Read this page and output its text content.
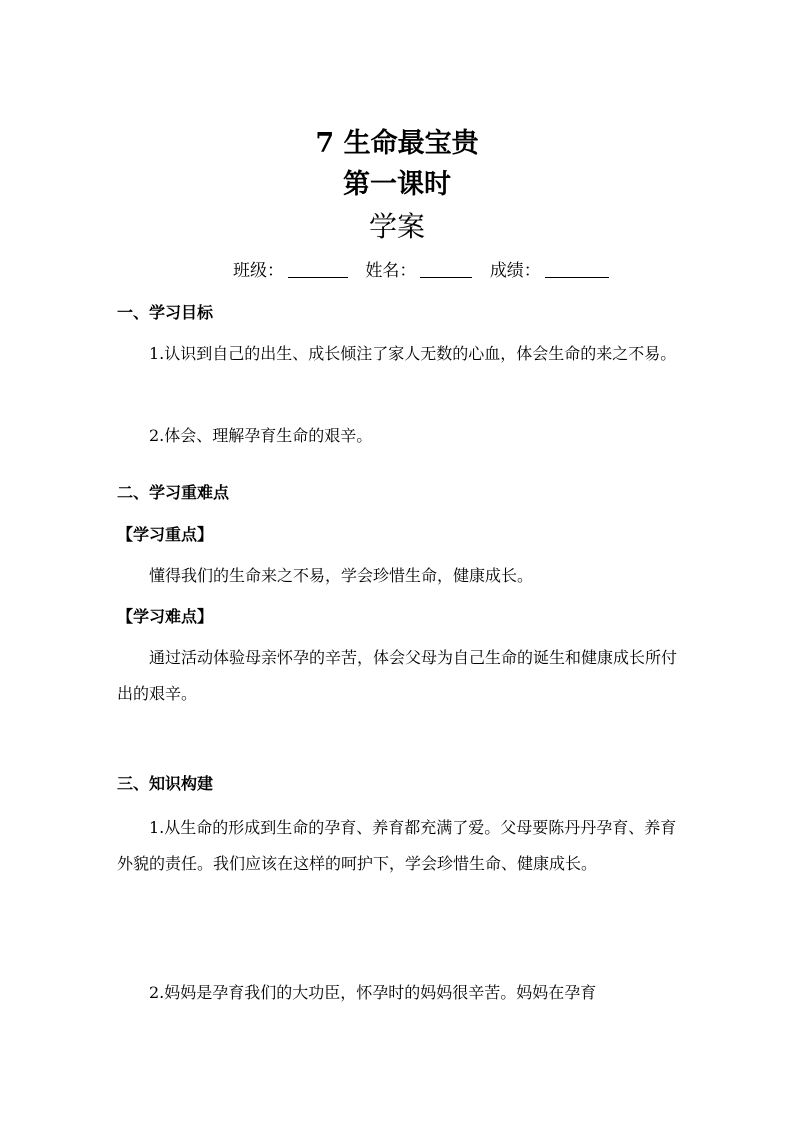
7 生命最宝贵
第一课时
学案
班级：	姓名：	成绩：
一、学习目标
1.认识到自己的出生、成长倾注了家人无数的心血，体会生命的来之不易。
2.体会、理解孕育生命的艰辛。
二、学习重难点
【学习重点】
懂得我们的生命来之不易，学会珍惜生命，健康成长。
【学习难点】
通过活动体验母亲怀孕的辛苦，体会父母为自己生命的诞生和健康成长所付出的艰辛。
三、知识构建
1.从生命的形成到生命的孕育、养育都充满了爱。父母要陈丹丹孕育、养育外貌的责任。我们应该在这样的呵护下，学会珍惜生命、健康成长。
2.妈妈是孕育我们的大功臣，怀孕时的妈妈很辛苦。妈妈在孕育
